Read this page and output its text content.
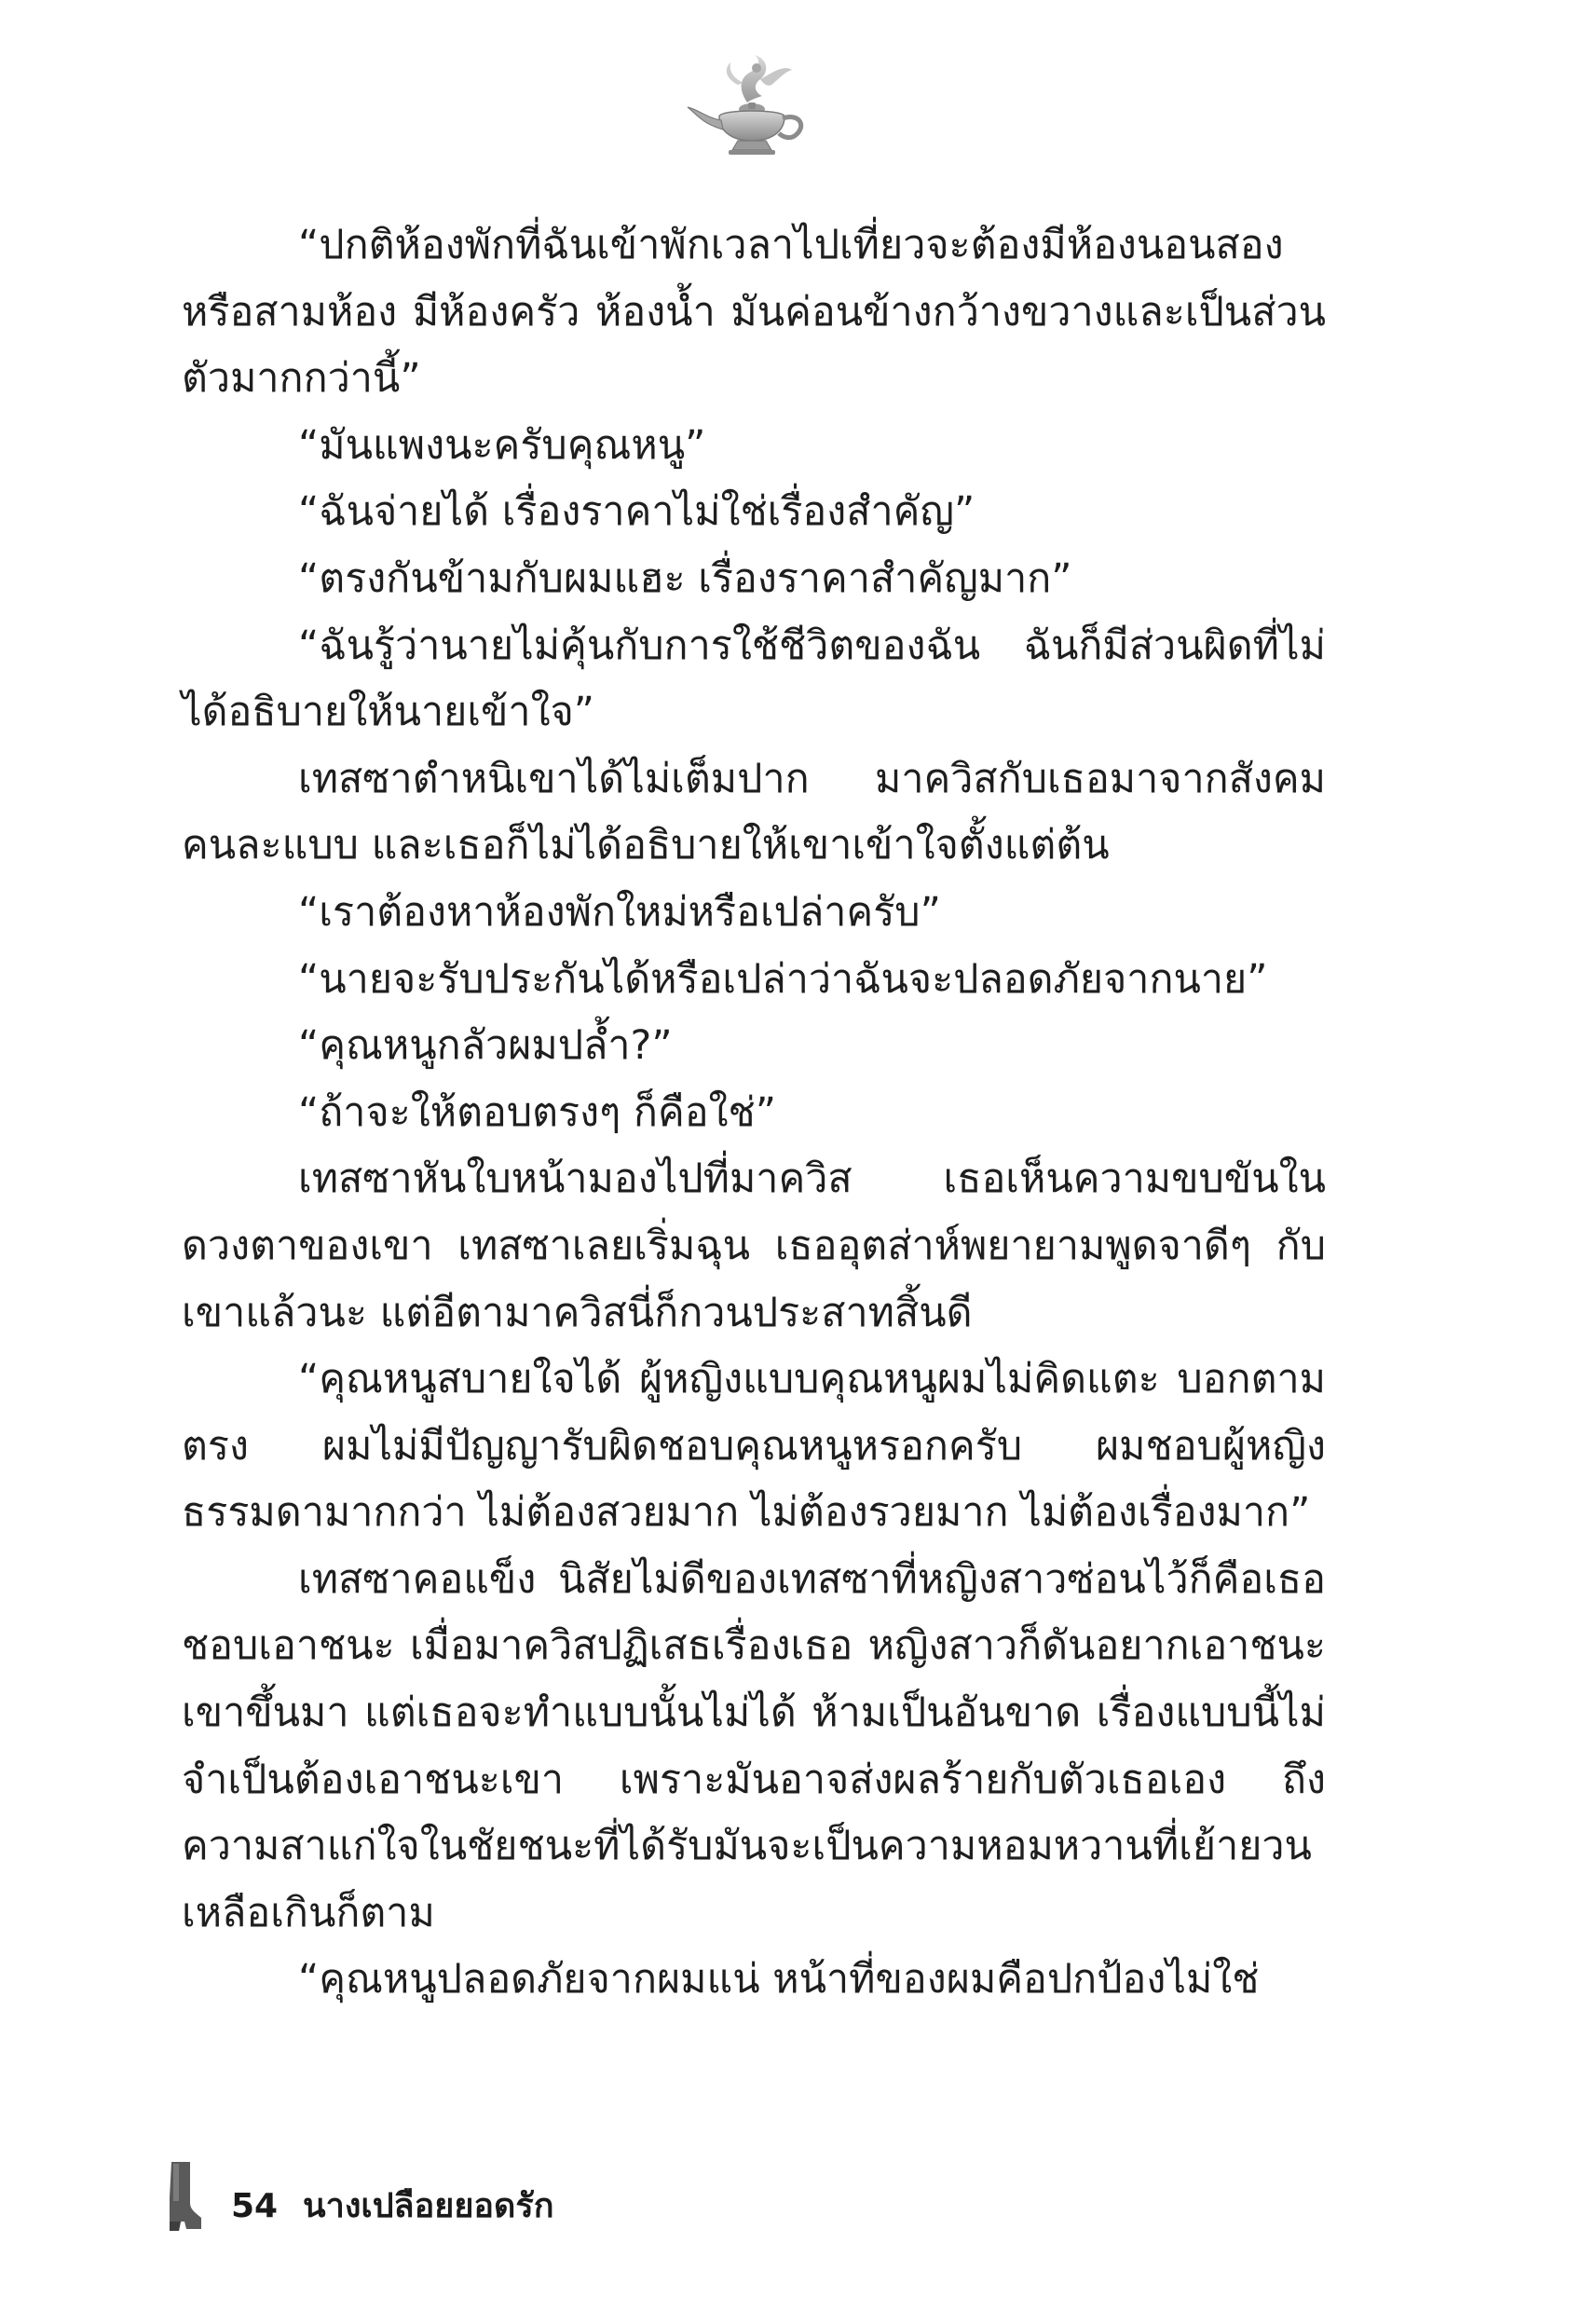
“ปกติห้องพักที่ฉันเข้าพักเวลาไปเที่ยวจะต้องมีห้องนอนสองหรือสามห้อง มีห้องครัว ห้องน้ำ มันค่อนข้างกว้างขวางและเป็นส่วนตัวมากกว่านี้”

“มันแพงนะครับคุณหนู”

“ฉันจ่ายได้ เรื่องราคาไม่ใช่เรื่องสำคัญ”

“ตรงกันข้ามกับผมแฮะ เรื่องราคาสำคัญมาก”

“ฉันรู้ว่านายไม่คุ้นกับการใช้ชีวิตของฉัน ฉันก็มีส่วนผิดที่ไม่ได้อธิบายให้นายเข้าใจ”

เทสซาตำหนิเขาได้ไม่เต็มปาก มาควิสกับเธอมาจากสังคมคนละแบบ และเธอก็ไม่ได้อธิบายให้เขาเข้าใจตั้งแต่ต้น

“เราต้องหาห้องพักใหม่หรือเปล่าครับ”

“นายจะรับประกันได้หรือเปล่าว่าฉันจะปลอดภัยจากนาย”

“คุณหนูกลัวผมปล้ำ?”

“ถ้าจะให้ตอบตรงๆ ก็คือใช่”

เทสซาหันใบหน้ามองไปที่มาควิส เธอเห็นความขบขันในดวงตาของเขา เทสซาเลยเริ่มฉุน เธออุตส่าห์พยายามพูดจาดีๆ กับเขาแล้วนะ แต่อีตามาควิสนี่ก็กวนประสาทสิ้นดี

“คุณหนูสบายใจได้ ผู้หญิงแบบคุณหนูผมไม่คิดแตะ บอกตามตรง ผมไม่มีปัญญารับผิดชอบคุณหนูหรอกครับ ผมชอบผู้หญิงธรรมดามากกว่า ไม่ต้องสวยมาก ไม่ต้องรวยมาก ไม่ต้องเรื่องมาก”

เทสซาคอแข็ง นิสัยไม่ดีของเทสซาที่หญิงสาวซ่อนไว้ก็คือเธอชอบเอาชนะ เมื่อมาควิสปฏิเสธเรื่องเธอ หญิงสาวก็ดันอยากเอาชนะเขาขึ้นมา แต่เธอจะทำแบบนั้นไม่ได้ ห้ามเป็นอันขาด เรื่องแบบนี้ไม่จำเป็นต้องเอาชนะเขา เพราะมันอาจส่งผลร้ายกับตัวเธอเอง ถึงความสาแก่ใจในชัยชนะที่ได้รับมันจะเป็นความหอมหวานที่เย้ายวนเหลือเกินก็ตาม

“คุณหนูปลอดภัยจากผมแน่ หน้าที่ของผมคือปกป้องไม่ใช่

54 นางเปลือยยอดรัก
